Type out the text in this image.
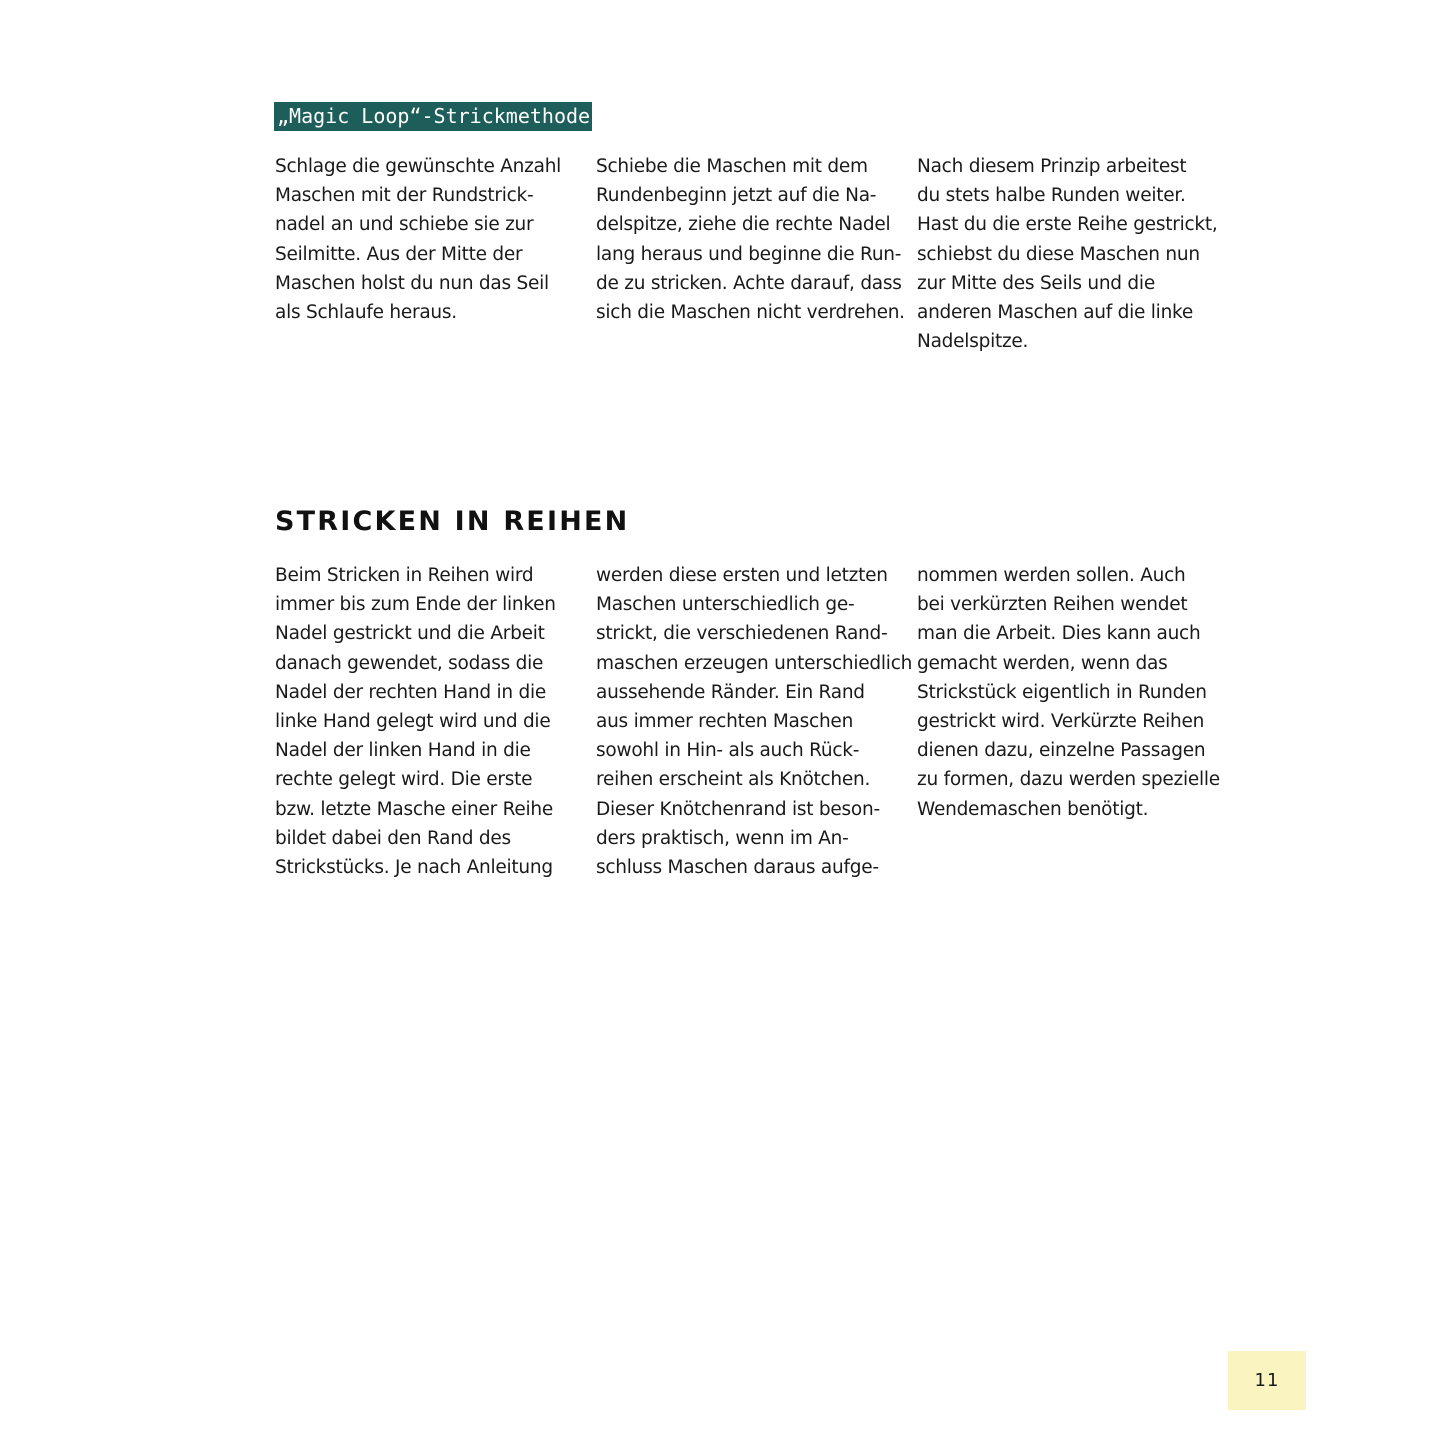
„Magic Loop“-Strickmethode

Schlage die gewünschte Anzahl
Maschen mit der Rundstrick-
nadel an und schiebe sie zur
Seilmitte. Aus der Mitte der
Maschen holst du nun das Seil
als Schlaufe heraus.

Schiebe die Maschen mit dem
Rundenbeginn jetzt auf die Na-
delspitze, ziehe die rechte Nadel
lang heraus und beginne die Run-
de zu stricken. Achte darauf, dass
sich die Maschen nicht verdrehen.

Nach diesem Prinzip arbeitest
du stets halbe Runden weiter.
Hast du die erste Reihe gestrickt,
schiebst du diese Maschen nun
zur Mitte des Seils und die
anderen Maschen auf die linke
Nadelspitze.

STRICKEN IN REIHEN

Beim Stricken in Reihen wird
immer bis zum Ende der linken
Nadel gestrickt und die Arbeit
danach gewendet, sodass die
Nadel der rechten Hand in die
linke Hand gelegt wird und die
Nadel der linken Hand in die
rechte gelegt wird. Die erste
bzw. letzte Masche einer Reihe
bildet dabei den Rand des
Strickstücks. Je nach Anleitung

werden diese ersten und letzten
Maschen unterschiedlich ge-
strickt, die verschiedenen Rand-
maschen erzeugen unterschiedlich
aussehende Ränder. Ein Rand
aus immer rechten Maschen
sowohl in Hin- als auch Rück-
reihen erscheint als Knötchen.
Dieser Knötchenrand ist beson-
ders praktisch, wenn im An-
schluss Maschen daraus aufge-

nommen werden sollen. Auch
bei verkürzten Reihen wendet
man die Arbeit. Dies kann auch
gemacht werden, wenn das
Strickstück eigentlich in Runden
gestrickt wird. Verkürzte Reihen
dienen dazu, einzelne Passagen
zu formen, dazu werden spezielle
Wendemaschen benötigt.

11
